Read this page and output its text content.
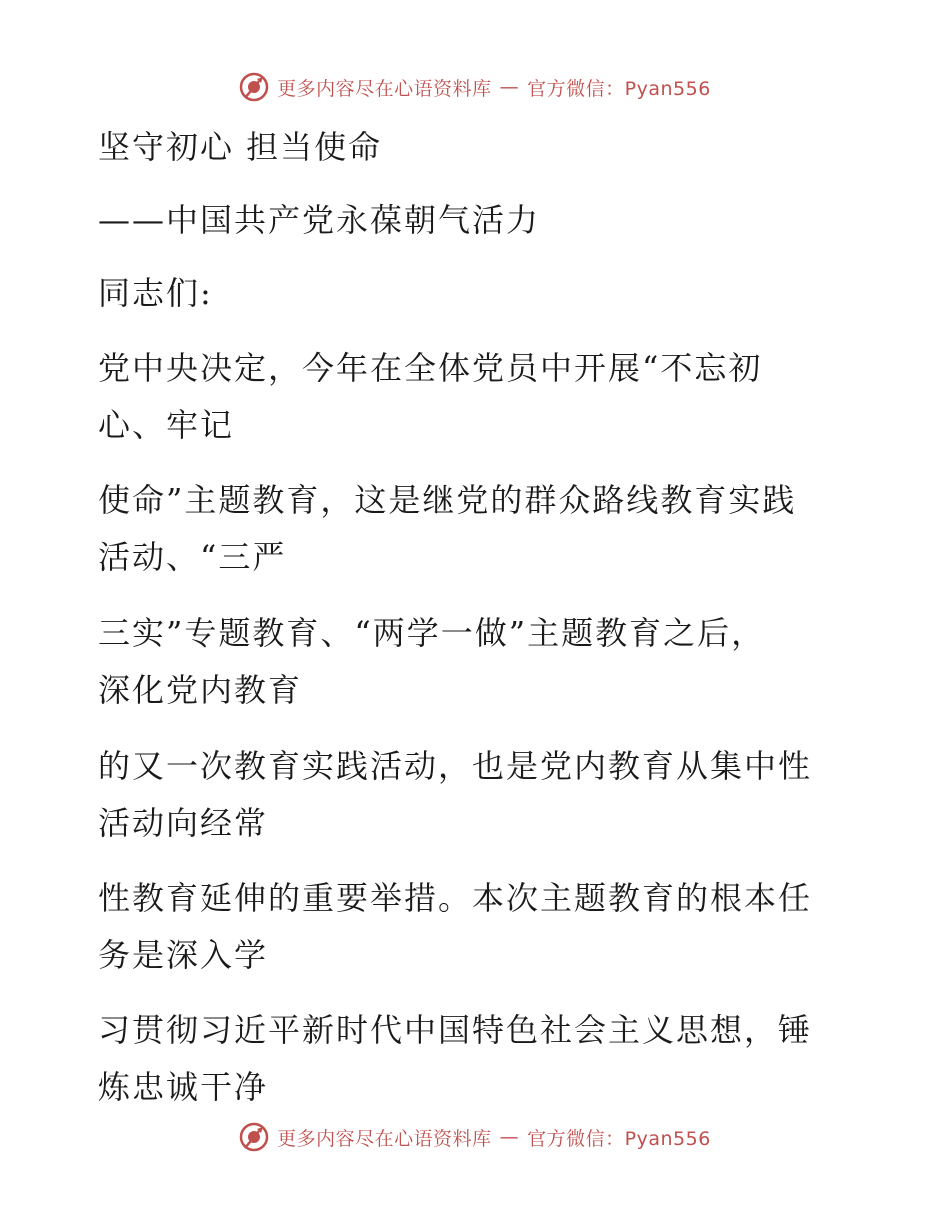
更多内容尽在心语资料库 — 官方微信：Pyan556
坚守初心 担当使命
——中国共产党永葆朝气活力
同志们:
党中央决定，今年在全体党员中开展“不忘初
心、牢记
使命”主题教育，这是继党的群众路线教育实践
活动、“三严
三实”专题教育、“两学一做”主题教育之后，
深化党内教育
的又一次教育实践活动，也是党内教育从集中性
活动向经常
性教育延伸的重要举措。本次主题教育的根本任
务是深入学
习贯彻习近平新时代中国特色社会主义思想，锤
炼忠诚干净
更多内容尽在心语资料库 — 官方微信：Pyan556
